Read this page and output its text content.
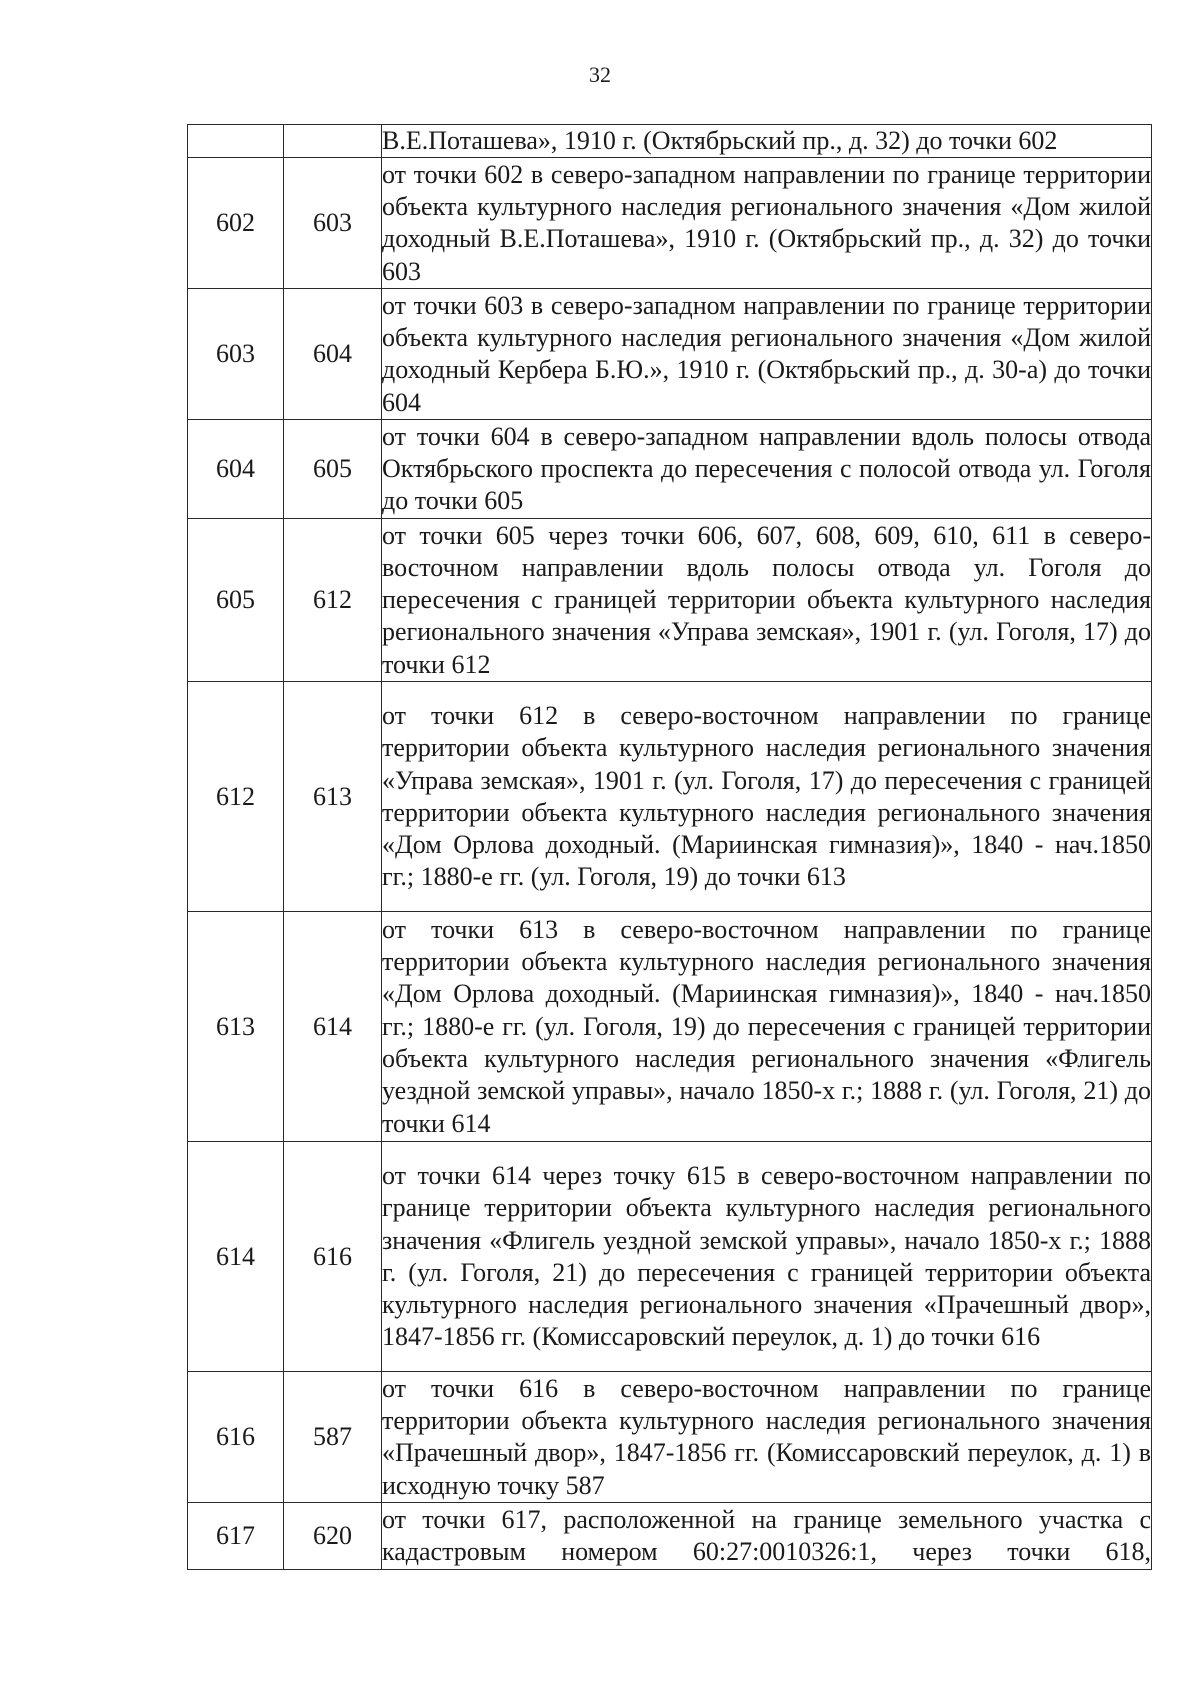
32
		В.Е.Поташева», 1910 г. (Октябрьский пр., д. 32) до точки 602
602	603	от точки 602 в северо-западном направлении по границе территории объекта культурного наследия регионального значения «Дом жилой доходный В.Е.Поташева», 1910 г. (Октябрьский пр., д. 32) до точки 603
603	604	от точки 603 в северо-западном направлении по границе территории объекта культурного наследия регионального значения «Дом жилой доходный Кербера Б.Ю.», 1910 г. (Октябрьский пр., д. 30-а) до точки 604
604	605	от точки 604 в северо-западном направлении вдоль полосы отвода Октябрьского проспекта до пересечения с полосой отвода ул. Гоголя до точки 605
605	612	от точки 605 через точки 606, 607, 608, 609, 610, 611 в северо-восточном направлении вдоль полосы отвода ул. Гоголя до пересечения с границей территории объекта культурного наследия регионального значения «Управа земская», 1901 г. (ул. Гоголя, 17) до точки 612
612	613	от точки 612 в северо-восточном направлении по границе территории объекта культурного наследия регионального значения «Управа земская», 1901 г. (ул. Гоголя, 17) до пересечения с границей территории объекта культурного наследия регионального значения «Дом Орлова доходный. (Мариинская гимназия)», 1840 - нач.1850 гг.; 1880-е гг. (ул. Гоголя, 19) до точки 613
613	614	от точки 613 в северо-восточном направлении по границе территории объекта культурного наследия регионального значения «Дом Орлова доходный. (Мариинская гимназия)», 1840 - нач.1850 гг.; 1880-е гг. (ул. Гоголя, 19) до пересечения с границей территории объекта культурного наследия регионального значения «Флигель уездной земской управы», начало 1850-х г.; 1888 г. (ул. Гоголя, 21) до точки 614
614	616	от точки 614 через точку 615 в северо-восточном направлении по границе территории объекта культурного наследия регионального значения «Флигель уездной земской управы», начало 1850-х г.; 1888 г. (ул. Гоголя, 21) до пересечения с границей территории объекта культурного наследия регионального значения «Прачешный двор», 1847-1856 гг. (Комиссаровский переулок, д. 1) до точки 616
616	587	от точки 616 в северо-восточном направлении по границе территории объекта культурного наследия регионального значения «Прачешный двор», 1847-1856 гг. (Комиссаровский переулок, д. 1) в исходную точку 587
617	620	от точки 617, расположенной на границе земельного участка с кадастровым номером 60:27:0010326:1, через точки 618,
